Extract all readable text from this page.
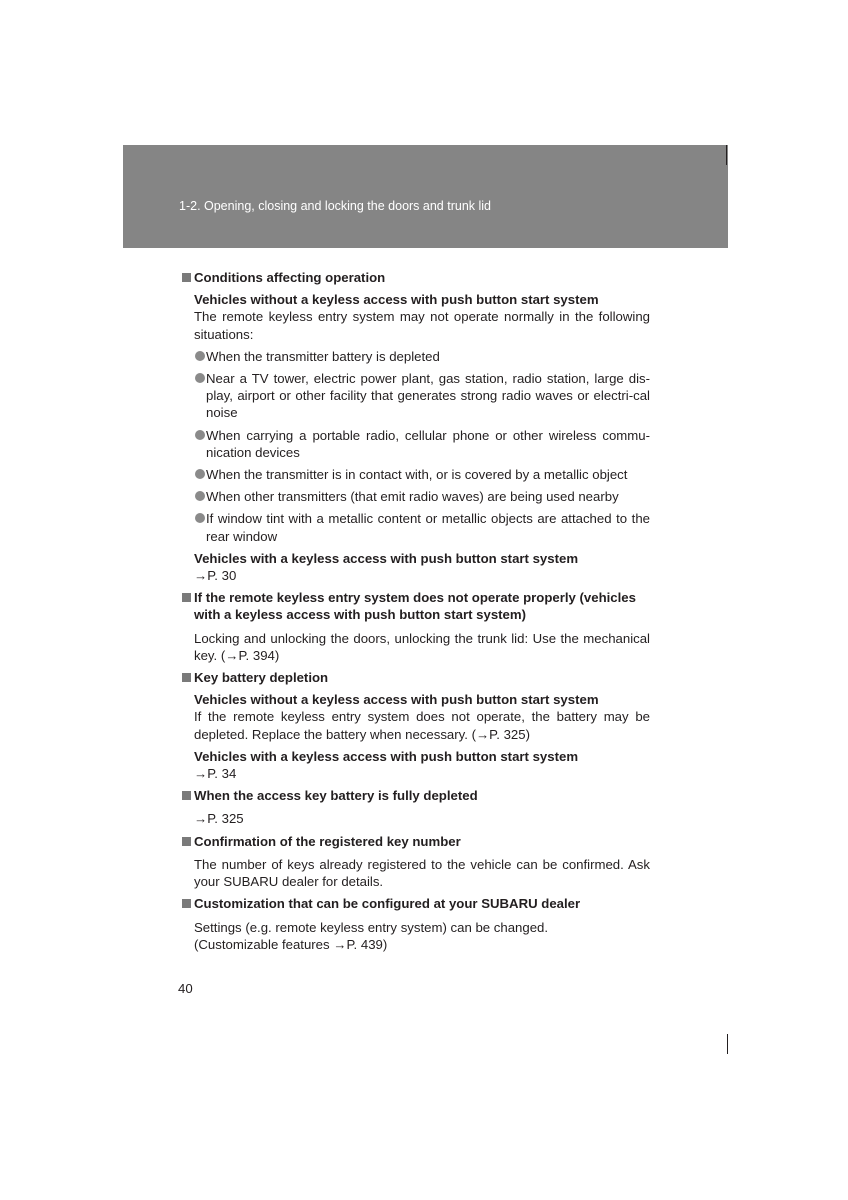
1-2. Opening, closing and locking the doors and trunk lid
Conditions affecting operation
Vehicles without a keyless access with push button start system
The remote keyless entry system may not operate normally in the following situations:
When the transmitter battery is depleted
Near a TV tower, electric power plant, gas station, radio station, large dis-play, airport or other facility that generates strong radio waves or electri-cal noise
When carrying a portable radio, cellular phone or other wireless commu-nication devices
When the transmitter is in contact with, or is covered by a metallic object
When other transmitters (that emit radio waves) are being used nearby
If window tint with a metallic content or metallic objects are attached to the rear window
Vehicles with a keyless access with push button start system
→P. 30
If the remote keyless entry system does not operate properly (vehicles with a keyless access with push button start system)
Locking and unlocking the doors, unlocking the trunk lid: Use the mechanical key. (→P. 394)
Key battery depletion
Vehicles without a keyless access with push button start system
If the remote keyless entry system does not operate, the battery may be depleted. Replace the battery when necessary. (→P. 325)
Vehicles with a keyless access with push button start system
→P. 34
When the access key battery is fully depleted
→P. 325
Confirmation of the registered key number
The number of keys already registered to the vehicle can be confirmed. Ask your SUBARU dealer for details.
Customization that can be configured at your SUBARU dealer
Settings (e.g. remote keyless entry system) can be changed.
(Customizable features →P. 439)
40
